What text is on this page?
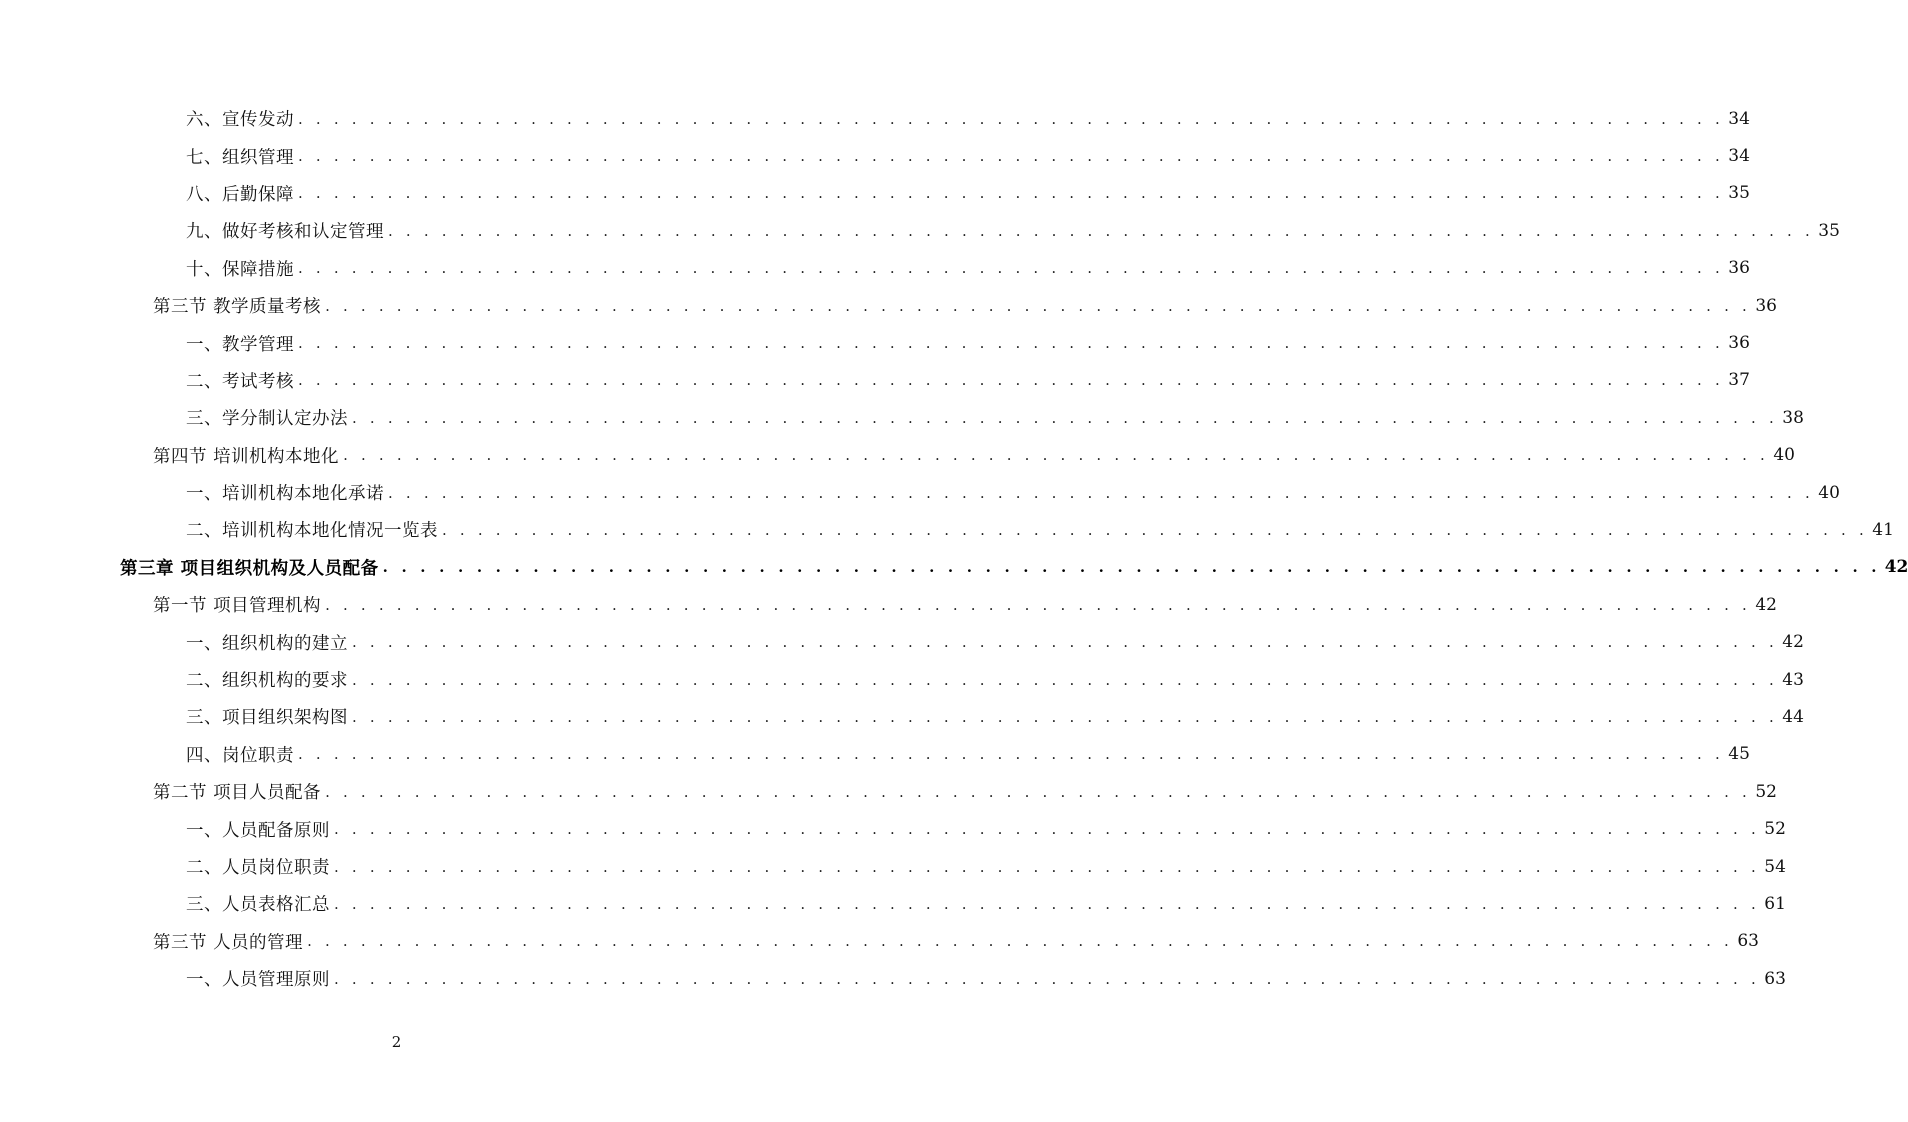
六、宣传发动 . . . . . . . . . . . . . . . . . . . . . . . . . . . . . . . . . . . . . . . . . . . . . . . . . . . . . . . . . . . . . . . . . . . . . . . . . . . . . . . . 34
七、组织管理 . . . . . . . . . . . . . . . . . . . . . . . . . . . . . . . . . . . . . . . . . . . . . . . . . . . . . . . . . . . . . . . . . . . . . . . . . . . . . . . . 34
八、后勤保障 . . . . . . . . . . . . . . . . . . . . . . . . . . . . . . . . . . . . . . . . . . . . . . . . . . . . . . . . . . . . . . . . . . . . . . . . . . . . . . . . 35
九、做好考核和认定管理 . . . . . . . . . . . . . . . . . . . . . . . . . . . . . . . . . . . . . . . . . . . . . . . . . . . . . . . . . . . . . . . . . . . . . . . . . . . . . . . . 35
十、保障措施 . . . . . . . . . . . . . . . . . . . . . . . . . . . . . . . . . . . . . . . . . . . . . . . . . . . . . . . . . . . . . . . . . . . . . . . . . . . . . . . . 36
第三节 教学质量考核 . . . . . . . . . . . . . . . . . . . . . . . . . . . . . . . . . . . . . . . . . . . . . . . . . . . . . . . . . . . . . . . . . . . . . . . . . . . . . . . . 36
一、教学管理 . . . . . . . . . . . . . . . . . . . . . . . . . . . . . . . . . . . . . . . . . . . . . . . . . . . . . . . . . . . . . . . . . . . . . . . . . . . . . . . . 36
二、考试考核 . . . . . . . . . . . . . . . . . . . . . . . . . . . . . . . . . . . . . . . . . . . . . . . . . . . . . . . . . . . . . . . . . . . . . . . . . . . . . . . . 37
三、学分制认定办法 . . . . . . . . . . . . . . . . . . . . . . . . . . . . . . . . . . . . . . . . . . . . . . . . . . . . . . . . . . . . . . . . . . . . . . . . . . . . . . . . 38
第四节 培训机构本地化 . . . . . . . . . . . . . . . . . . . . . . . . . . . . . . . . . . . . . . . . . . . . . . . . . . . . . . . . . . . . . . . . . . . . . . . . . . . . . . . . 40
一、培训机构本地化承诺 . . . . . . . . . . . . . . . . . . . . . . . . . . . . . . . . . . . . . . . . . . . . . . . . . . . . . . . . . . . . . . . . . . . . . . . . . . . . . . . . 40
二、培训机构本地化情况一览表 . . . . . . . . . . . . . . . . . . . . . . . . . . . . . . . . . . . . . . . . . . . . . . . . . . . . . . . . . . . . . . . . . . . . . . . . . . . . . . . . 41
第三章 项目组织机构及人员配备 . . . . . . . . . . . . . . . . . . . . . . . . . . . . . . . . . . . . . . . . . . . . . . . . . . . . . . . . . . . . . . . . . . . . . . . . . . . . . . . . 42
第一节 项目管理机构 . . . . . . . . . . . . . . . . . . . . . . . . . . . . . . . . . . . . . . . . . . . . . . . . . . . . . . . . . . . . . . . . . . . . . . . . . . . . . . . . 42
一、组织机构的建立 . . . . . . . . . . . . . . . . . . . . . . . . . . . . . . . . . . . . . . . . . . . . . . . . . . . . . . . . . . . . . . . . . . . . . . . . . . . . . . . . 42
二、组织机构的要求 . . . . . . . . . . . . . . . . . . . . . . . . . . . . . . . . . . . . . . . . . . . . . . . . . . . . . . . . . . . . . . . . . . . . . . . . . . . . . . . . 43
三、项目组织架构图 . . . . . . . . . . . . . . . . . . . . . . . . . . . . . . . . . . . . . . . . . . . . . . . . . . . . . . . . . . . . . . . . . . . . . . . . . . . . . . . . 44
四、岗位职责 . . . . . . . . . . . . . . . . . . . . . . . . . . . . . . . . . . . . . . . . . . . . . . . . . . . . . . . . . . . . . . . . . . . . . . . . . . . . . . . . 45
第二节 项目人员配备 . . . . . . . . . . . . . . . . . . . . . . . . . . . . . . . . . . . . . . . . . . . . . . . . . . . . . . . . . . . . . . . . . . . . . . . . . . . . . . . . 52
一、人员配备原则 . . . . . . . . . . . . . . . . . . . . . . . . . . . . . . . . . . . . . . . . . . . . . . . . . . . . . . . . . . . . . . . . . . . . . . . . . . . . . . . . 52
二、人员岗位职责 . . . . . . . . . . . . . . . . . . . . . . . . . . . . . . . . . . . . . . . . . . . . . . . . . . . . . . . . . . . . . . . . . . . . . . . . . . . . . . . . 54
三、人员表格汇总 . . . . . . . . . . . . . . . . . . . . . . . . . . . . . . . . . . . . . . . . . . . . . . . . . . . . . . . . . . . . . . . . . . . . . . . . . . . . . . . . 61
第三节 人员的管理 . . . . . . . . . . . . . . . . . . . . . . . . . . . . . . . . . . . . . . . . . . . . . . . . . . . . . . . . . . . . . . . . . . . . . . . . . . . . . . . . 63
一、人员管理原则 . . . . . . . . . . . . . . . . . . . . . . . . . . . . . . . . . . . . . . . . . . . . . . . . . . . . . . . . . . . . . . . . . . . . . . . . . . . . . . . . 63
2
